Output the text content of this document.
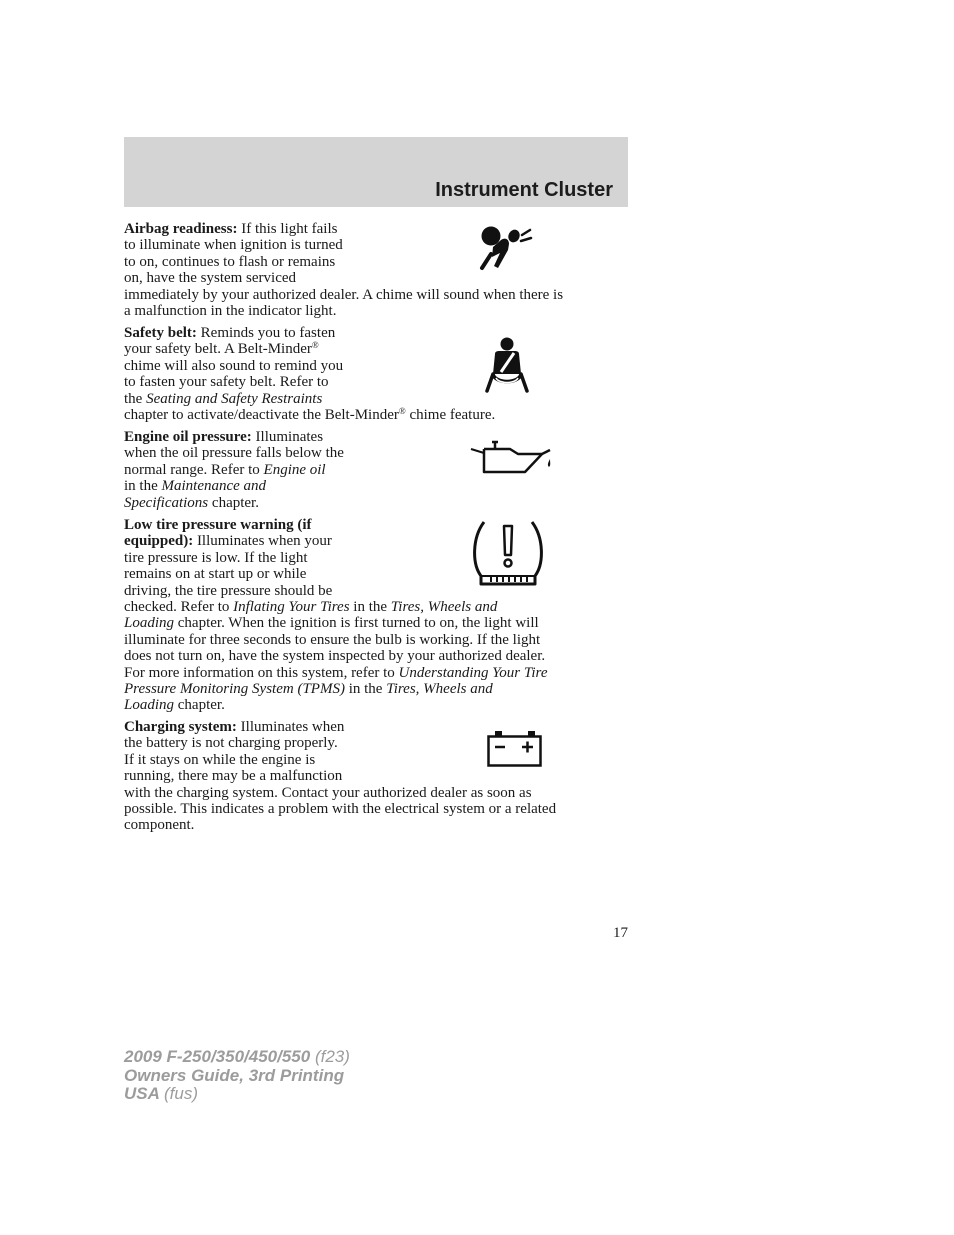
Instrument Cluster
Airbag readiness: If this light fails
to illuminate when ignition is turned
to on, continues to flash or remains
on, have the system serviced
immediately by your authorized dealer. A chime will sound when there is
a malfunction in the indicator light.
Safety belt: Reminds you to fasten
your safety belt. A Belt-Minder®
chime will also sound to remind you
to fasten your safety belt. Refer to
the Seating and Safety Restraints
chapter to activate/deactivate the Belt-Minder® chime feature.
Engine oil pressure: Illuminates
when the oil pressure falls below the
normal range. Refer to Engine oil
in the Maintenance and
Specifications chapter.
Low tire pressure warning (if
equipped): Illuminates when your
tire pressure is low. If the light
remains on at start up or while
driving, the tire pressure should be
checked. Refer to Inflating Your Tires in the Tires, Wheels and
Loading chapter. When the ignition is first turned to on, the light will
illuminate for three seconds to ensure the bulb is working. If the light
does not turn on, have the system inspected by your authorized dealer.
For more information on this system, refer to Understanding Your Tire
Pressure Monitoring System (TPMS) in the Tires, Wheels and
Loading chapter.
Charging system: Illuminates when
the battery is not charging properly.
If it stays on while the engine is
running, there may be a malfunction
with the charging system. Contact your authorized dealer as soon as
possible. This indicates a problem with the electrical system or a related
component.
17
2009 F-250/350/450/550 (f23)
Owners Guide, 3rd Printing
USA (fus)
